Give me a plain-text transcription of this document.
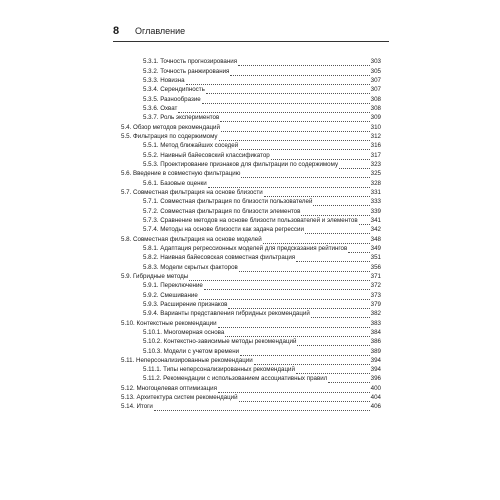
8	Оглавление
5.3.1. Точность прогнозирования	303
5.3.2. Точность ранжирования	305
5.3.3. Новизна	307
5.3.4. Серендипность	307
5.3.5. Разнообразие	308
5.3.6. Охват	308
5.3.7. Роль экспериментов	309
5.4. Обзор методов рекомендаций	310
5.5. Фильтрация по содержимому	312
5.5.1. Метод ближайших соседей	316
5.5.2. Наивный байесовский классификатор	317
5.5.3. Проектирование признаков для фильтрации по содержимому	323
5.6. Введение в совместную фильтрацию	325
5.6.1. Базовые оценки	328
5.7. Совместная фильтрация на основе близости	331
5.7.1. Совместная фильтрация по близости пользователей	333
5.7.2. Совместная фильтрация по близости элементов	339
5.7.3. Сравнение методов на основе близости пользователей и элементов 341
5.7.4. Методы на основе близости как задача регрессии	342
5.8. Совместная фильтрация на основе моделей	348
5.8.1. Адаптация регрессионных моделей для предсказания рейтингов	349
5.8.2. Наивная байесовская совместная фильтрация	351
5.8.3. Модели скрытых факторов	356
5.9. Гибридные методы	371
5.9.1. Переключение	372
5.9.2. Смешивание	373
5.9.3. Расширение признаков	379
5.9.4. Варианты представления гибридных рекомендаций	382
5.10. Контекстные рекомендации	383
5.10.1. Многомерная основа	384
5.10.2. Контекстно-зависимые методы рекомендаций	386
5.10.3. Модели с учетом времени	389
5.11. Неперсонализированные рекомендации	394
5.11.1. Типы неперсонализированных рекомендаций	394
5.11.2. Рекомендации с использованием ассоциативных правил	396
5.12. Многоцелевая оптимизация	400
5.13. Архитектура систем рекомендаций	404
5.14. Итоги	406
